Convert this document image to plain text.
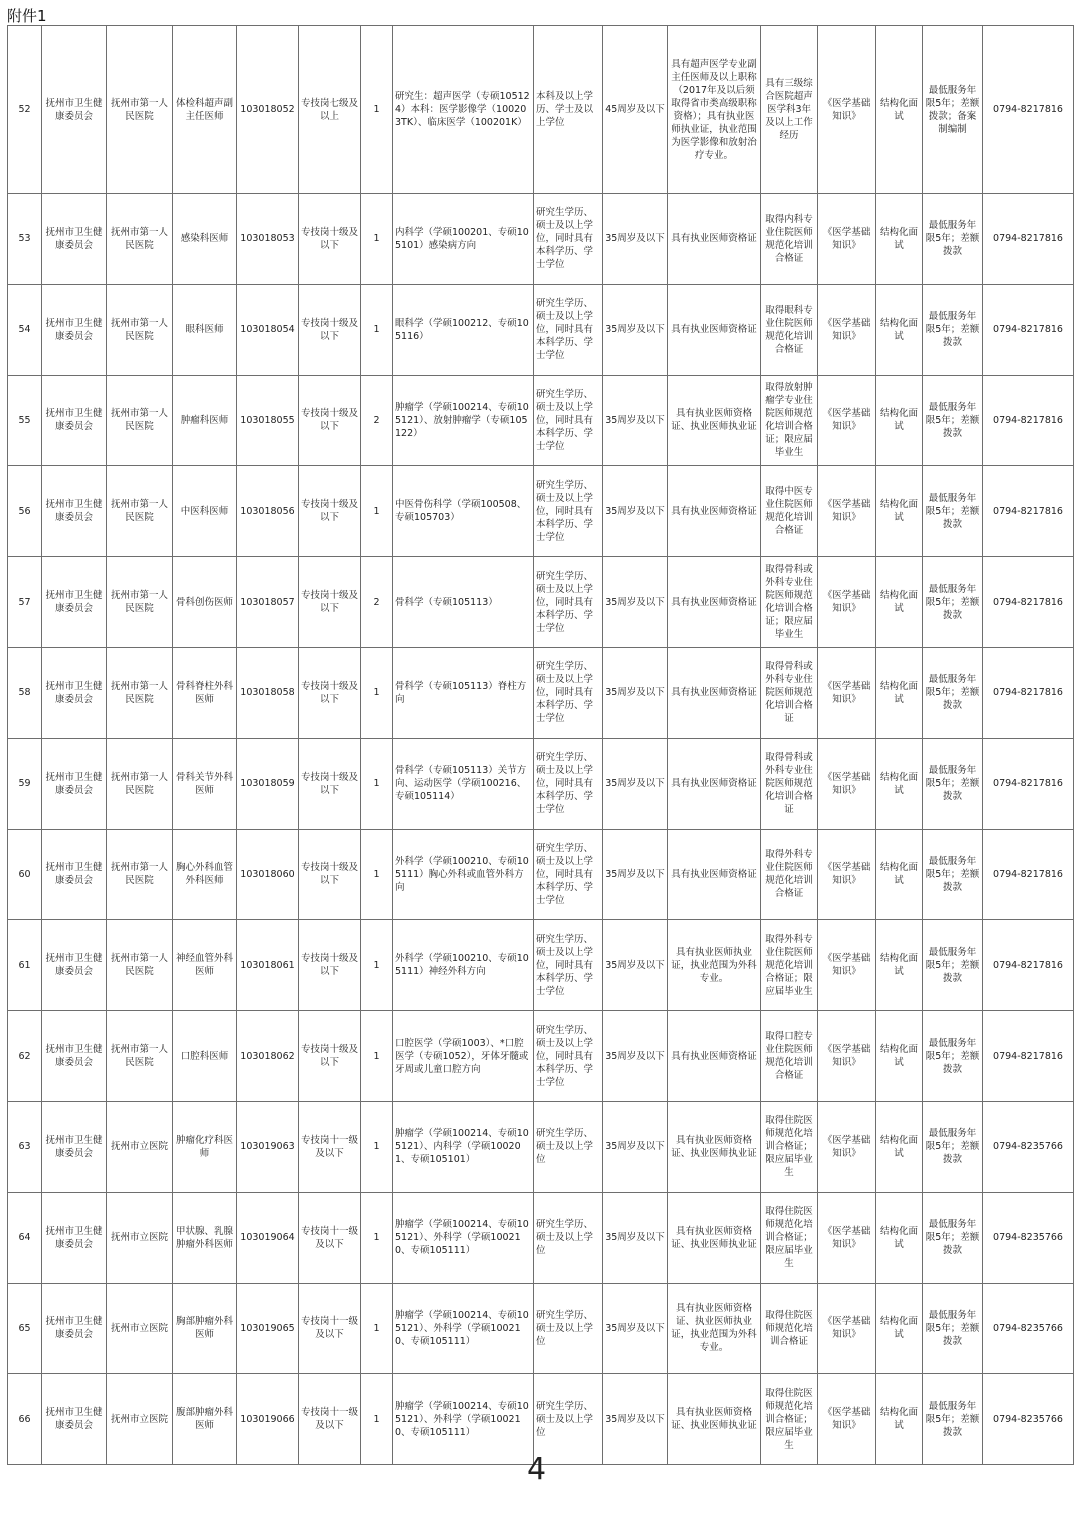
附件1
52	抚州市卫生健康委员会	抚州市第一人民医院	体检科超声副主任医师	103018052	专技岗七级及以上	1	研究生：超声医学（专硕105124）本科：医学影像学（100203TK）、临床医学（100201K）	本科及以上学历、学士及以上学位	45周岁及以下	具有超声医学专业副主任医师及以上职称（2017年及以后须取得省市类高级职称资格）；具有执业医师执业证，执业范围为医学影像和放射治疗专业。	具有三级综合医院超声医学科3年及以上工作经历	《医学基础知识》	结构化面试	最低服务年限5年；差额拨款；备案制编制	0794-8217816
53	抚州市卫生健康委员会	抚州市第一人民医院	感染科医师	103018053	专技岗十级及以下	1	内科学（学硕100201、专硕105101）感染病方向	研究生学历、硕士及以上学位，同时具有本科学历、学士学位	35周岁及以下	具有执业医师资格证	取得内科专业住院医师规范化培训合格证	《医学基础知识》	结构化面试	最低服务年限5年；差额拨款	0794-8217816
54	抚州市卫生健康委员会	抚州市第一人民医院	眼科医师	103018054	专技岗十级及以下	1	眼科学（学硕100212、专硕105116）	研究生学历、硕士及以上学位，同时具有本科学历、学士学位	35周岁及以下	具有执业医师资格证	取得眼科专业住院医师规范化培训合格证	《医学基础知识》	结构化面试	最低服务年限5年；差额拨款	0794-8217816
55	抚州市卫生健康委员会	抚州市第一人民医院	肿瘤科医师	103018055	专技岗十级及以下	2	肿瘤学（学硕100214、专硕105121）、放射肿瘤学（专硕105122）	研究生学历、硕士及以上学位，同时具有本科学历、学士学位	35周岁及以下	具有执业医师资格证、执业医师执业证	取得放射肿瘤学专业住院医师规范化培训合格证；限应届毕业生	《医学基础知识》	结构化面试	最低服务年限5年；差额拨款	0794-8217816
56	抚州市卫生健康委员会	抚州市第一人民医院	中医科医师	103018056	专技岗十级及以下	1	中医骨伤科学（学硕100508、专硕105703）	研究生学历、硕士及以上学位，同时具有本科学历、学士学位	35周岁及以下	具有执业医师资格证	取得中医专业住院医师规范化培训合格证	《医学基础知识》	结构化面试	最低服务年限5年；差额拨款	0794-8217816
57	抚州市卫生健康委员会	抚州市第一人民医院	骨科创伤医师	103018057	专技岗十级及以下	2	骨科学（专硕105113）	研究生学历、硕士及以上学位，同时具有本科学历、学士学位	35周岁及以下	具有执业医师资格证	取得骨科或外科专业住院医师规范化培训合格证；限应届毕业生	《医学基础知识》	结构化面试	最低服务年限5年；差额拨款	0794-8217816
58	抚州市卫生健康委员会	抚州市第一人民医院	骨科脊柱外科医师	103018058	专技岗十级及以下	1	骨科学（专硕105113）脊柱方向	研究生学历、硕士及以上学位，同时具有本科学历、学士学位	35周岁及以下	具有执业医师资格证	取得骨科或外科专业住院医师规范化培训合格证	《医学基础知识》	结构化面试	最低服务年限5年；差额拨款	0794-8217816
59	抚州市卫生健康委员会	抚州市第一人民医院	骨科关节外科医师	103018059	专技岗十级及以下	1	骨科学（专硕105113）关节方向、运动医学（学硕100216、专硕105114）	研究生学历、硕士及以上学位，同时具有本科学历、学士学位	35周岁及以下	具有执业医师资格证	取得骨科或外科专业住院医师规范化培训合格证	《医学基础知识》	结构化面试	最低服务年限5年；差额拨款	0794-8217816
60	抚州市卫生健康委员会	抚州市第一人民医院	胸心外科血管外科医师	103018060	专技岗十级及以下	1	外科学（学硕100210、专硕105111）胸心外科或血管外科方向	研究生学历、硕士及以上学位，同时具有本科学历、学士学位	35周岁及以下	具有执业医师资格证	取得外科专业住院医师规范化培训合格证	《医学基础知识》	结构化面试	最低服务年限5年；差额拨款	0794-8217816
61	抚州市卫生健康委员会	抚州市第一人民医院	神经血管外科医师	103018061	专技岗十级及以下	1	外科学（学硕100210、专硕105111）神经外科方向	研究生学历、硕士及以上学位，同时具有本科学历、学士学位	35周岁及以下	具有执业医师执业证，执业范围为外科专业。	取得外科专业住院医师规范化培训合格证；限应届毕业生	《医学基础知识》	结构化面试	最低服务年限5年；差额拨款	0794-8217816
62	抚州市卫生健康委员会	抚州市第一人民医院	口腔科医师	103018062	专技岗十级及以下	1	口腔医学（学硕1003）、*口腔医学（专硕1052），牙体牙髓或牙周或儿童口腔方向	研究生学历、硕士及以上学位，同时具有本科学历、学士学位	35周岁及以下	具有执业医师资格证	取得口腔专业住院医师规范化培训合格证	《医学基础知识》	结构化面试	最低服务年限5年；差额拨款	0794-8217816
63	抚州市卫生健康委员会	抚州市立医院	肿瘤化疗科医师	103019063	专技岗十一级及以下	1	肿瘤学（学硕100214、专硕105121）、内科学（学硕100201、专硕105101）	研究生学历、硕士及以上学位	35周岁及以下	具有执业医师资格证、执业医师执业证	取得住院医师规范化培训合格证；限应届毕业生	《医学基础知识》	结构化面试	最低服务年限5年；差额拨款	0794-8235766
64	抚州市卫生健康委员会	抚州市立医院	甲状腺、乳腺肿瘤外科医师	103019064	专技岗十一级及以下	1	肿瘤学（学硕100214、专硕105121）、外科学（学硕100210、专硕105111）	研究生学历、硕士及以上学位	35周岁及以下	具有执业医师资格证、执业医师执业证	取得住院医师规范化培训合格证；限应届毕业生	《医学基础知识》	结构化面试	最低服务年限5年；差额拨款	0794-8235766
65	抚州市卫生健康委员会	抚州市立医院	胸部肿瘤外科医师	103019065	专技岗十一级及以下	1	肿瘤学（学硕100214、专硕105121）、外科学（学硕100210、专硕105111）	研究生学历、硕士及以上学位	35周岁及以下	具有执业医师资格证、执业医师执业证，执业范围为外科专业。	取得住院医师规范化培训合格证	《医学基础知识》	结构化面试	最低服务年限5年；差额拨款	0794-8235766
66	抚州市卫生健康委员会	抚州市立医院	腹部肿瘤外科医师	103019066	专技岗十一级及以下	1	肿瘤学（学硕100214、专硕105121）、外科学（学硕100210、专硕105111）	研究生学历、硕士及以上学位	35周岁及以下	具有执业医师资格证、执业医师执业证	取得住院医师规范化培训合格证；限应届毕业生	《医学基础知识》	结构化面试	最低服务年限5年；差额拨款	0794-8235766
4
